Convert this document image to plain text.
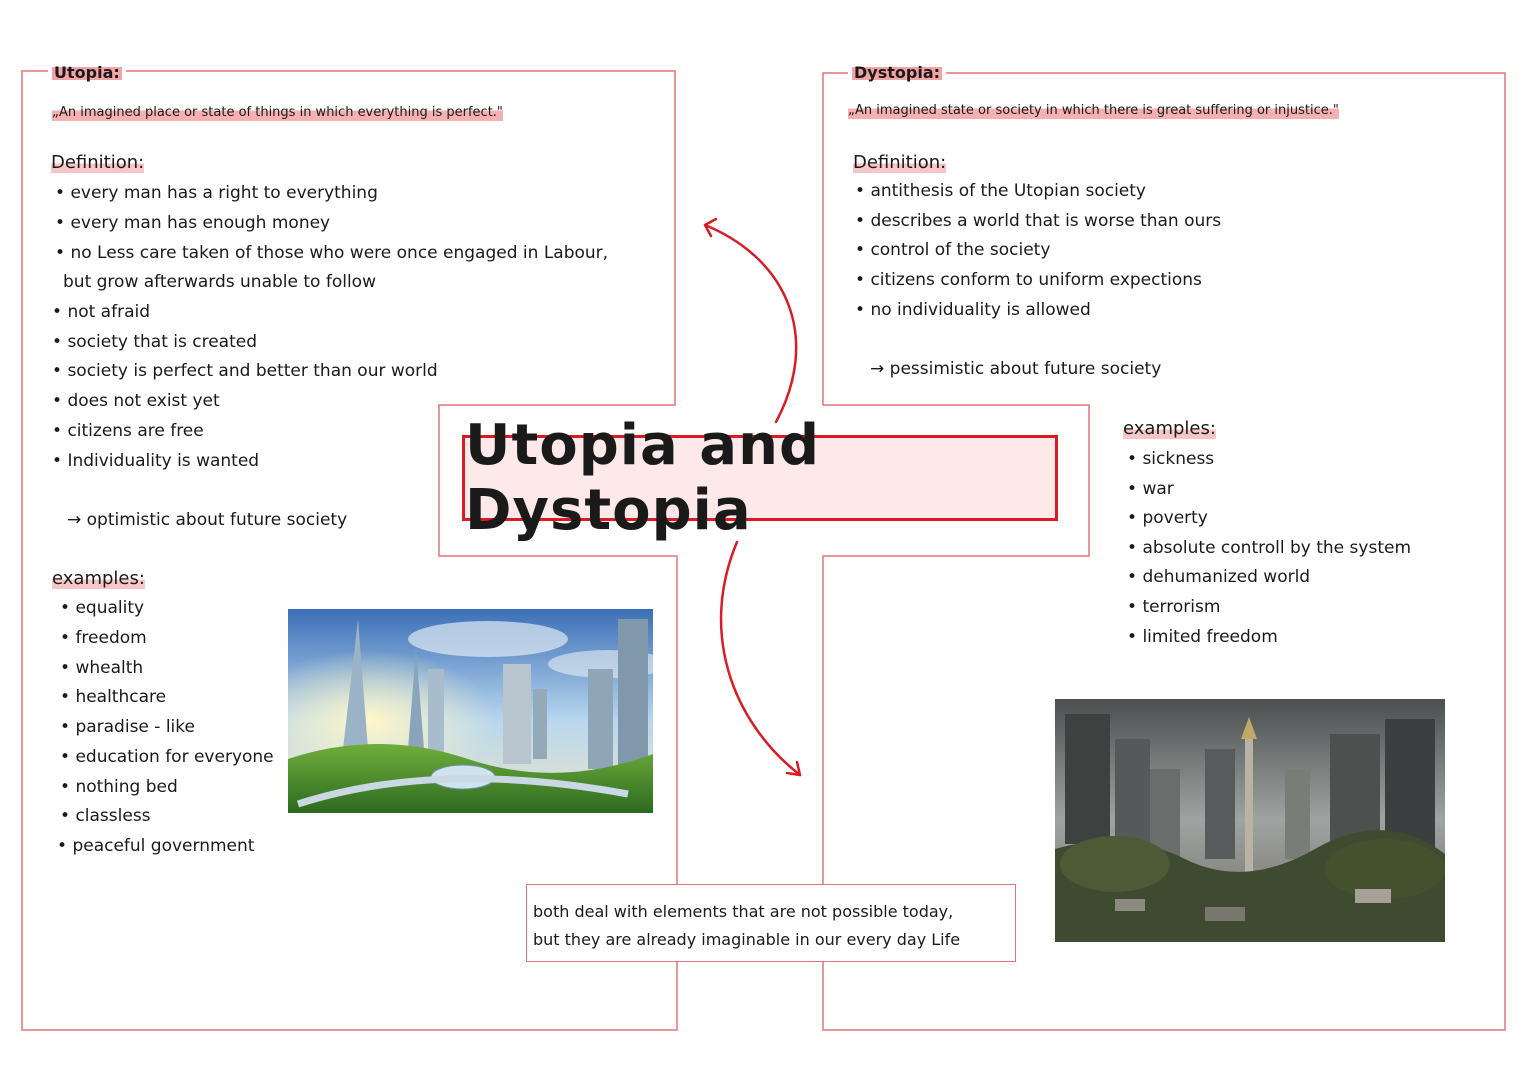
Utopia:
„An imagined place or state of things in which everything is perfect."
Definition:
• every man has a right to everything
• every man has enough money
• no Less care taken of those who were once engaged in Labour,
but grow afterwards unable to follow
• not afraid
• society that is created
• society is perfect and better than our world
• does not exist yet
• citizens are free
• Individuality is wanted
→ optimistic about future society
examples:
• equality
• freedom
• whealth
• healthcare
• paradise - like
• education for everyone
• nothing bed
• classless
• peaceful government
Dystopia:
„An imagined state or society in which there is great suffering or injustice."
Definition:
• antithesis of the Utopian society
• describes a world that is worse than ours
• control of the society
• citizens conform to uniform expections
• no individuality is allowed
→ pessimistic about future society
examples:
• sickness
• war
• poverty
• absolute controll by the system
• dehumanized world
• terrorism
• limited freedom
Utopia and Dystopia
both deal with elements that are not possible today,
but they are already imaginable in our every day Life
